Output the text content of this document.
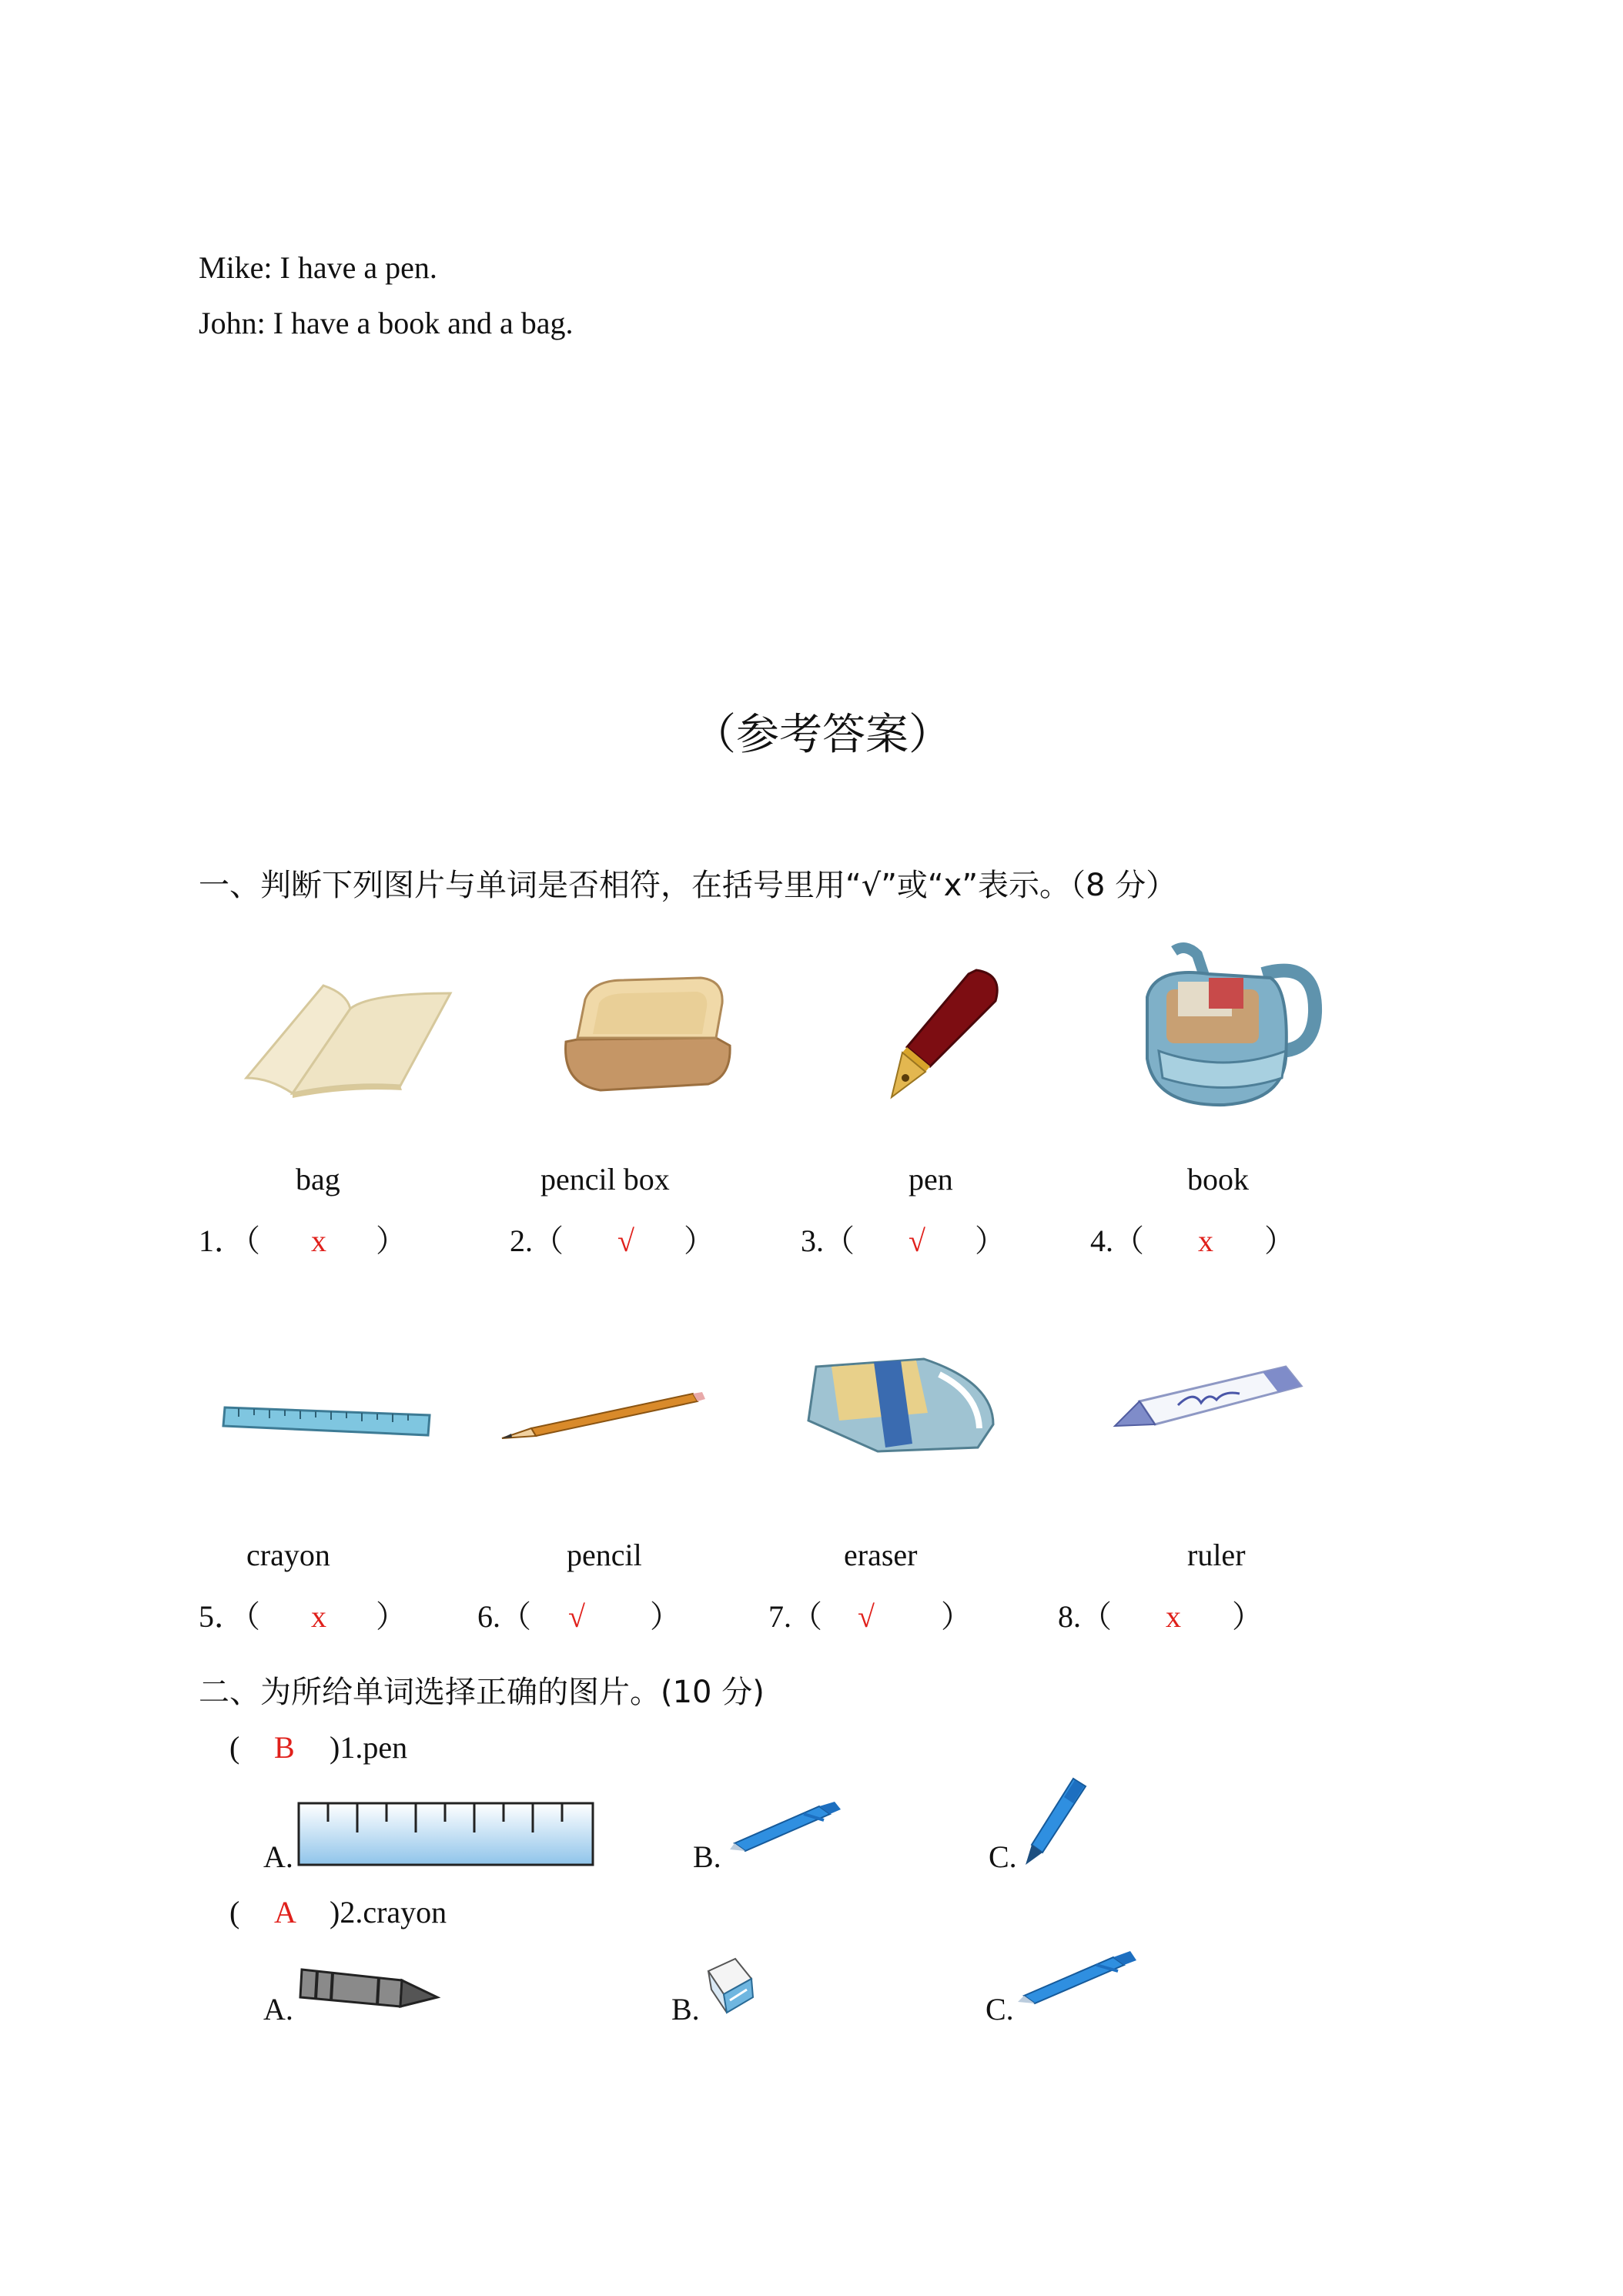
Mike: I have a pen.
John: I have a book and a bag.
（参考答案）
一、判断下列图片与单词是否相符，在括号里用“√”或“x”表示。（8 分）
bag	pencil box	pen	book
1．（ x ）	2.（ √ ）	3.（ √ ）	4.（ x ）
crayon	pencil	eraser	ruler
5．（ x ） 6.（ √ ）	7.（ √ ）	8.（ x ）
二、为所给单词选择正确的图片。(10 分)
( B )1.pen
A.	B.	C.
( A )2.crayon
A.	B.	C.
